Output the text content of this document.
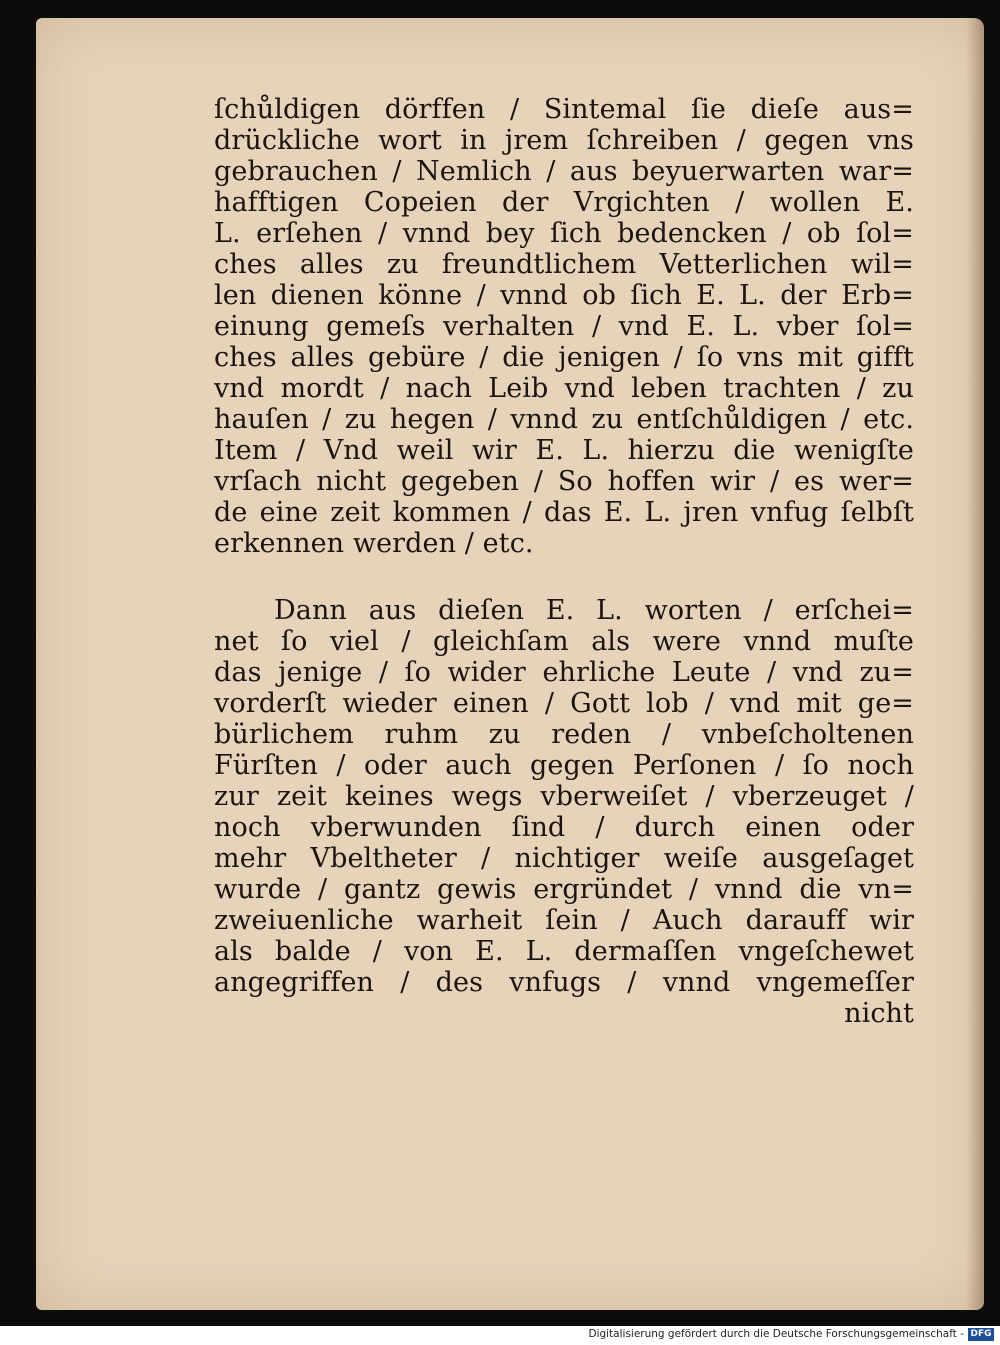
ſchůldigen dörffen / Sintemal ſie dieſe aus=
drückliche wort in jrem ſchreiben / gegen vns
gebrauchen / Nemlich / aus beyuerwarten war=
hafftigen Copeien der Vrgichten / wollen E.
L. erſehen / vnnd bey ſich bedencken / ob ſol=
ches alles zu freundtlichem Vetterlichen wil=
len dienen könne / vnnd ob ſich E. L. der Erb=
einung gemeſs verhalten / vnd E. L. vber ſol=
ches alles gebüre / die jenigen / ſo vns mit gifft
vnd mordt / nach Leib vnd leben trachten / zu
hauſen / zu hegen / vnnd zu entſchůldigen / etc.
Item / Vnd weil wir E. L. hierzu die wenigſte
vrſach nicht gegeben / So hoffen wir / es wer=
de eine zeit kommen / das E. L. jren vnfug ſelbſt
erkennen werden / etc.
Dann aus dieſen E. L. worten / erſchei=
net ſo viel / gleichſam als were vnnd muſte
das jenige / ſo wider ehrliche Leute / vnd zu=
vorderſt wieder einen / Gott lob / vnd mit ge=
bürlichem ruhm zu reden / vnbeſcholtenen
Fürſten / oder auch gegen Perſonen / ſo noch
zur zeit keines wegs vberweiſet / vberzeuget /
noch vberwunden ſind / durch einen oder
mehr Vbeltheter / nichtiger weiſe ausgeſaget
wurde / gantz gewis ergründet / vnnd die vn=
zweiuenliche warheit ſein / Auch darauff wir
als balde / von E. L. dermaſſen vngeſchewet
angegriffen / des vnfugs / vnnd vngemeſſer
nicht
Digitalisierung gefördert durch die Deutsche Forschungsgemeinschaft - DFG
